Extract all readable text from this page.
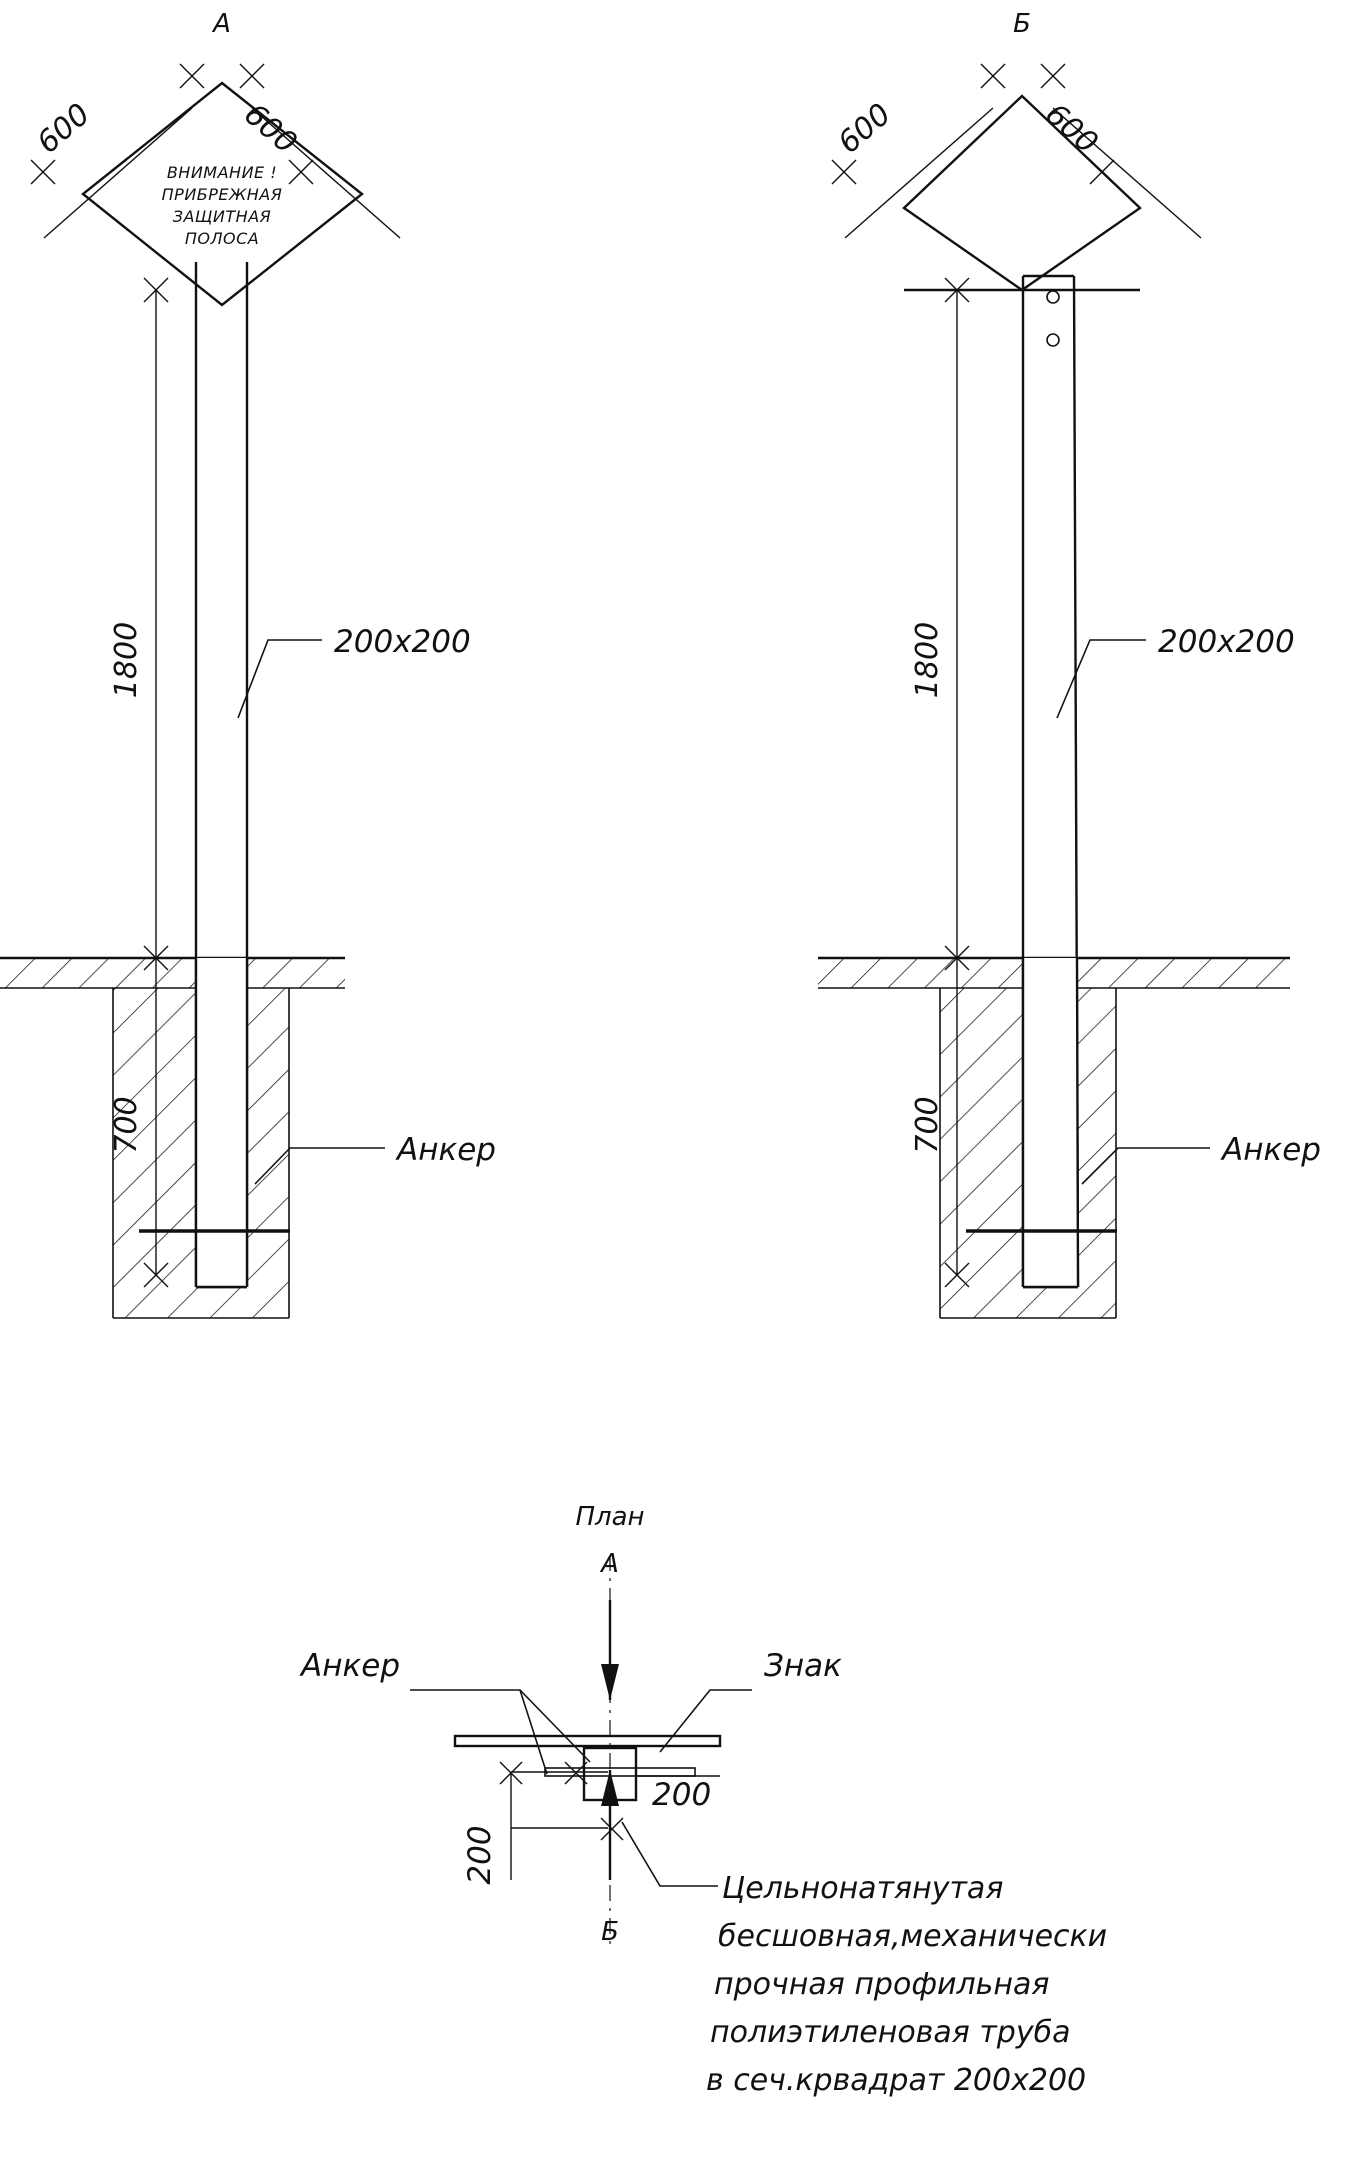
А
ВНИМАНИЕ !
ПРИБРЕЖНАЯ
ЗАЩИТНАЯ
ПОЛОСА
600	600
1800
700
200x200
Анкер
Б
600	600
1800
700
200x200
Анкер
План
А
Б
200
200
Анкер	Знак
Цельнонатянутая
бесшовная,механически
прочная профильная
полиэтиленовая труба
в сеч.крвадрат 200x200
